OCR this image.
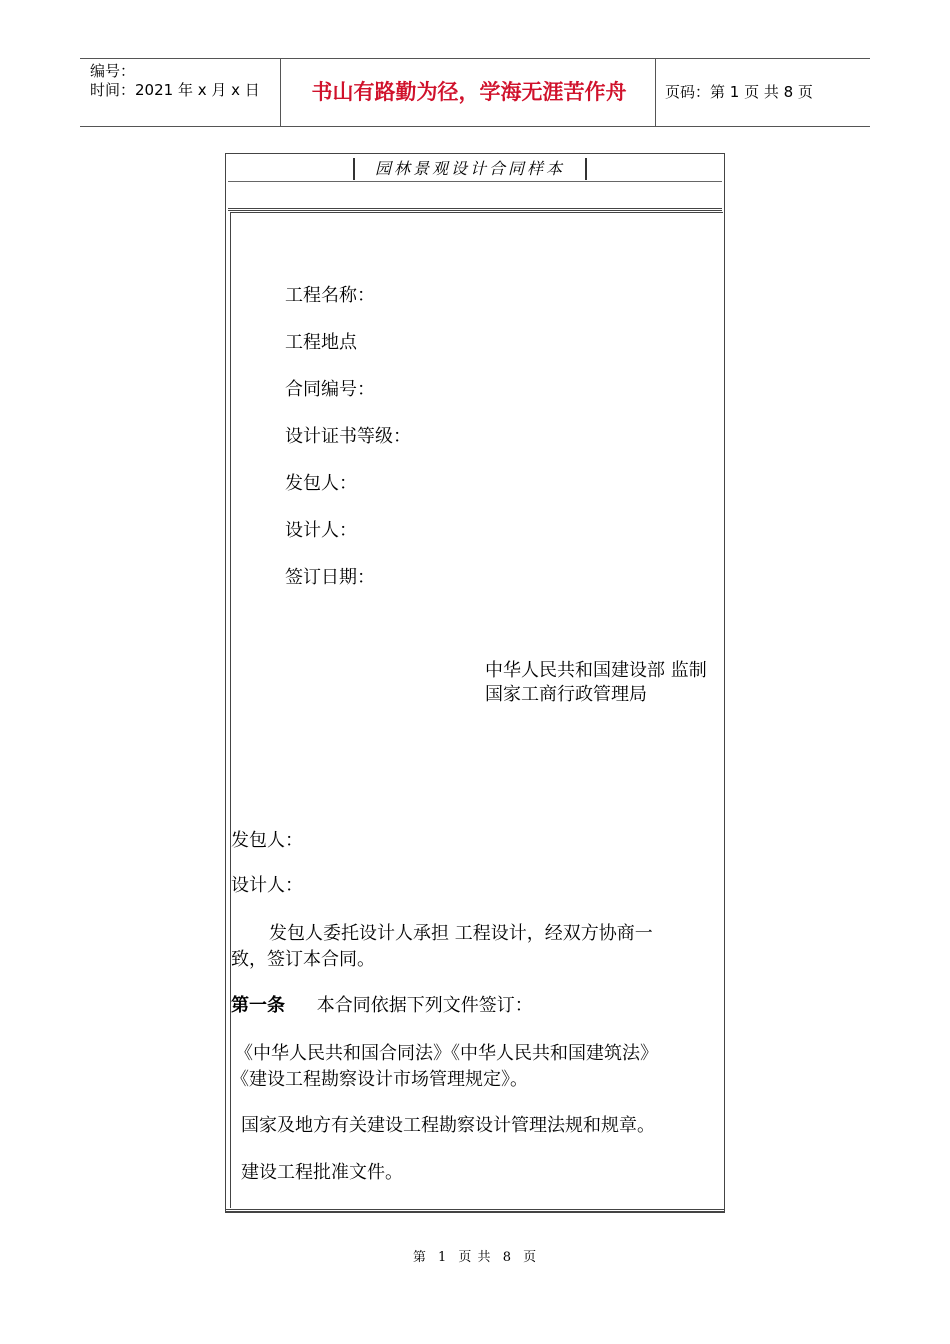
编号：
时间：2021 年 x 月 x 日	书山有路勤为径，学海无涯苦作舟	页码：第 1 页 共 8 页
园林景观设计合同样本
工程名称：
工程地点
合同编号：
设计证书等级：
发包人：
设计人：
签订日期：
中华人民共和国建设部 监制
国家工商行政管理局
发包人：
设计人：
发包人委托设计人承担 工程设计，经双方协商一
致，签订本合同。
第一条 本合同依据下列文件签订：
《中华人民共和国合同法》《中华人民共和国建筑法》
《建设工程勘察设计市场管理规定》。
国家及地方有关建设工程勘察设计管理法规和规章。
建设工程批准文件。
第 1 页 共 8 页
